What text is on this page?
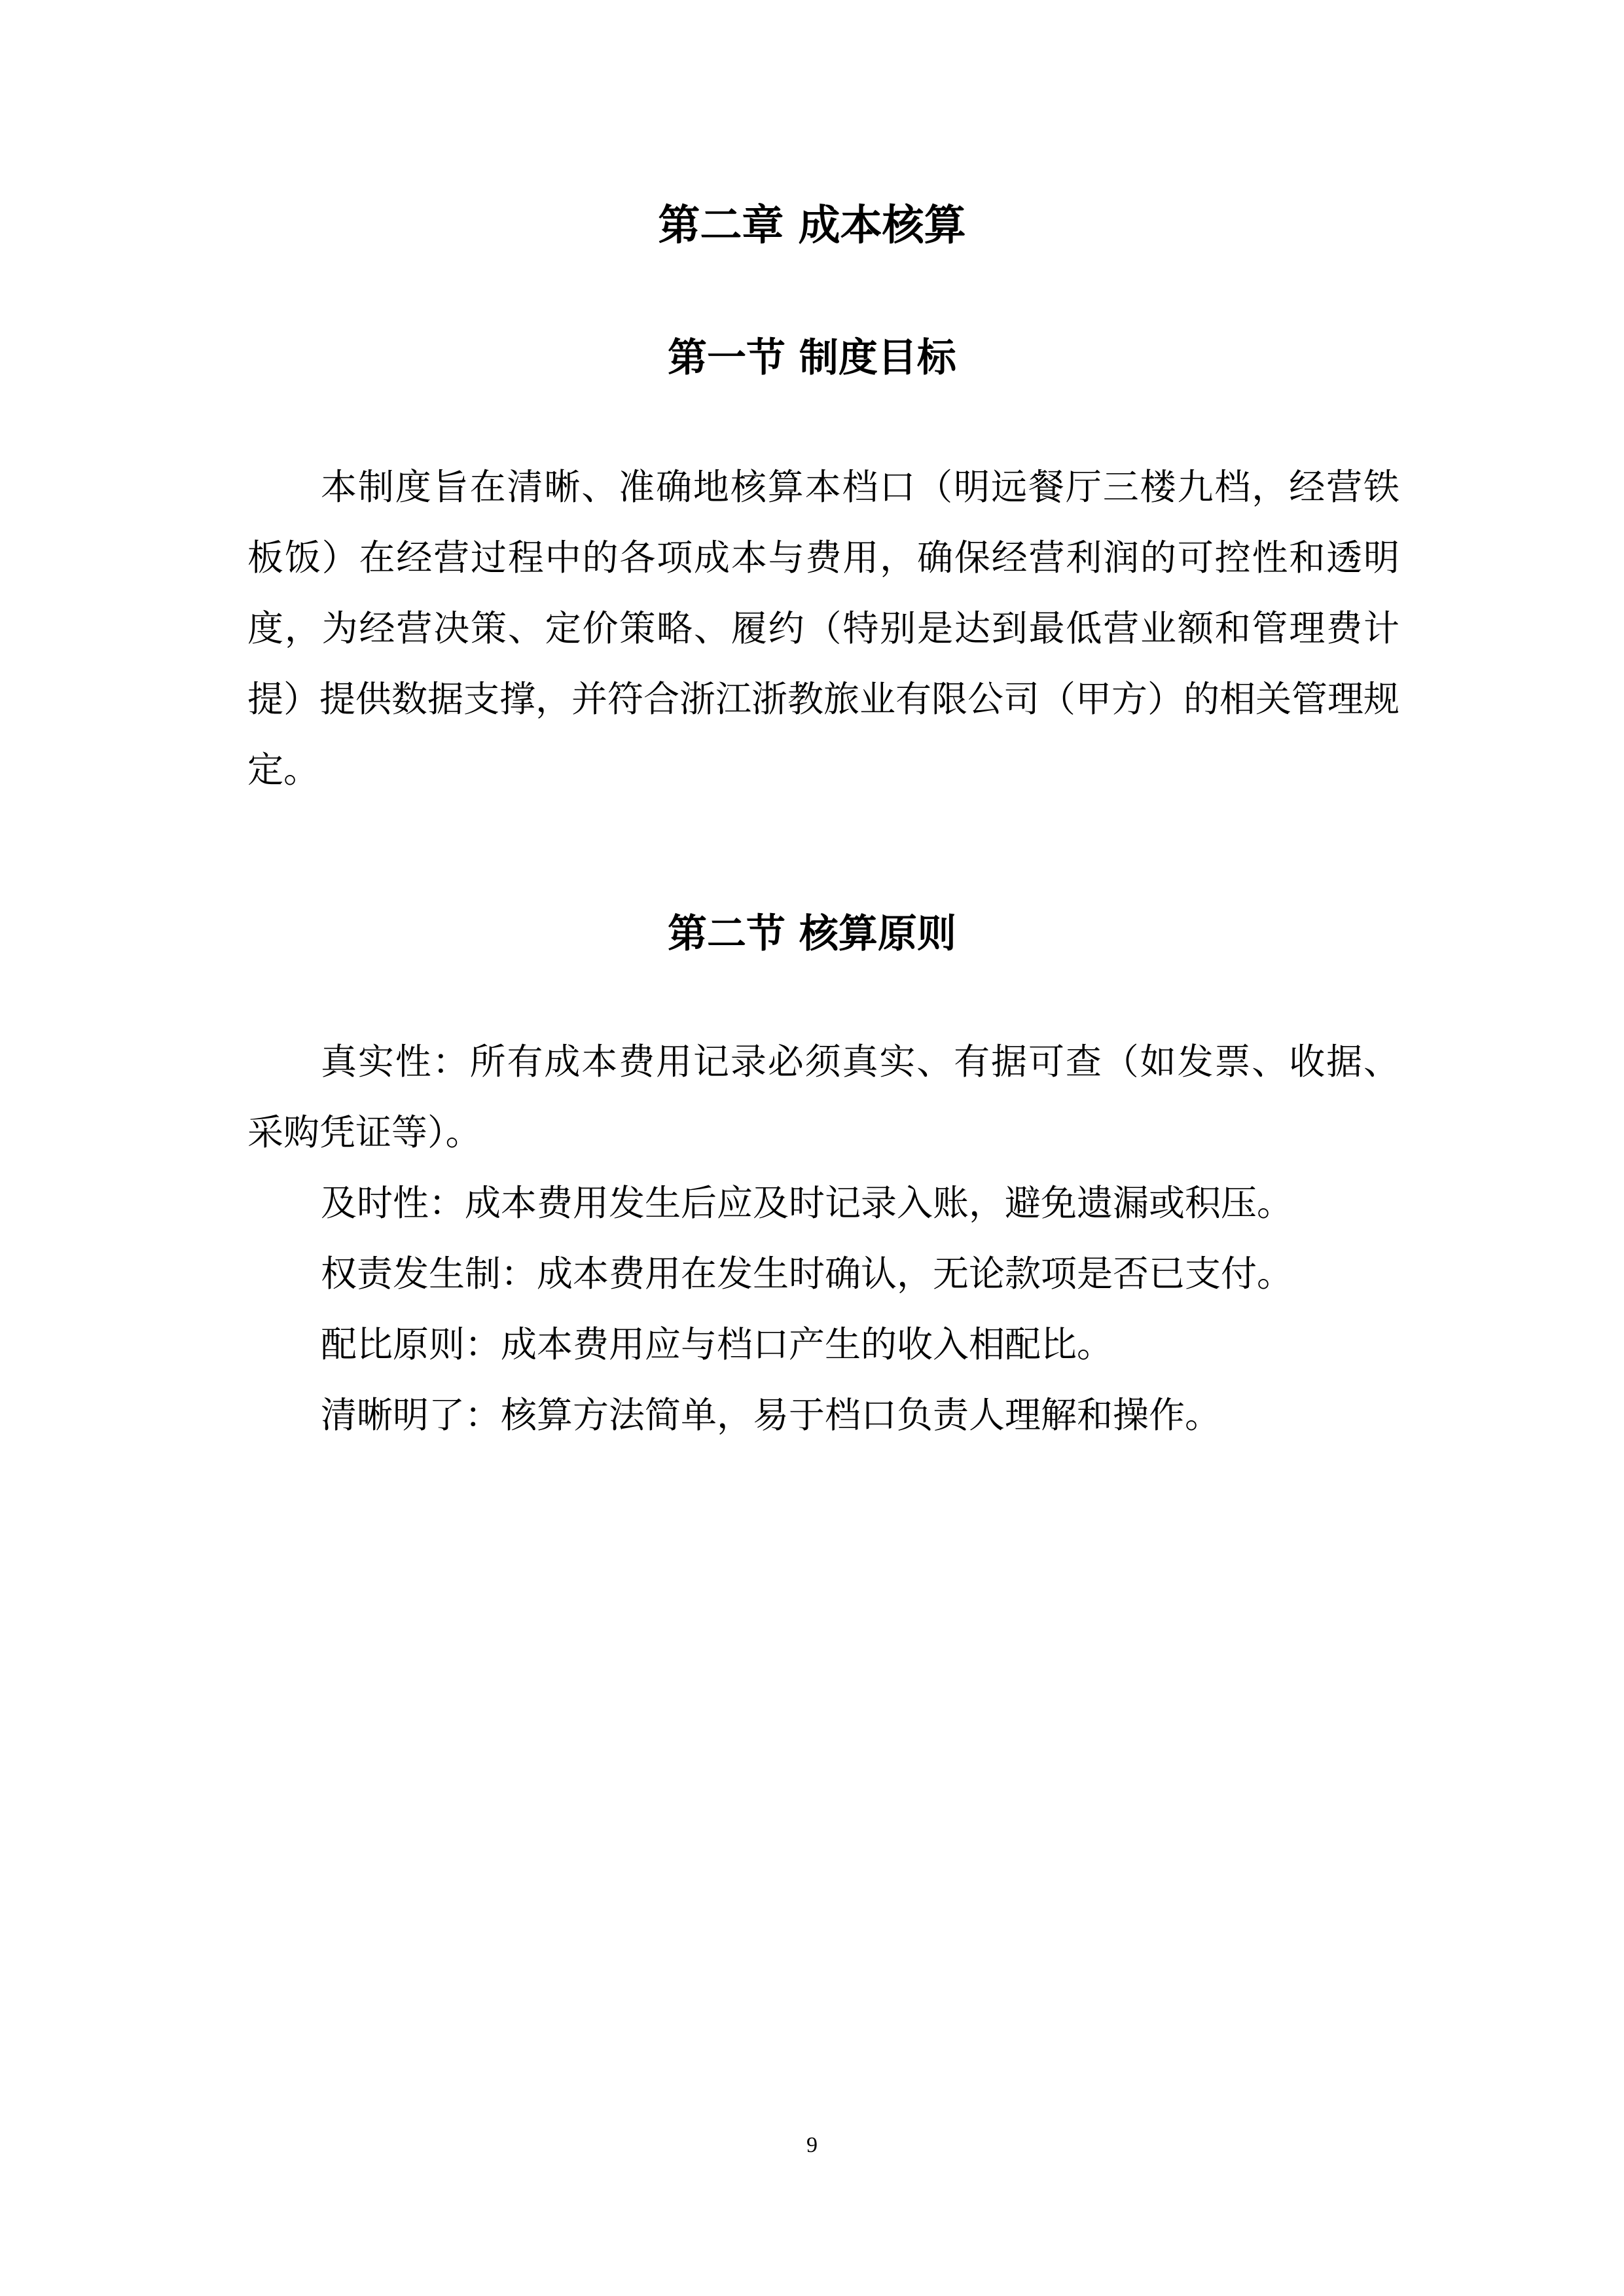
第二章 成本核算
第一节 制度目标

本制度旨在清晰、准确地核算本档口（明远餐厅三楼九档，经营铁板饭）在经营过程中的各项成本与费用，确保经营利润的可控性和透明度，为经营决策、定价策略、履约（特别是达到最低营业额和管理费计提）提供数据支撑，并符合浙江浙教旅业有限公司（甲方）的相关管理规定。

第二节 核算原则
真实性：所有成本费用记录必须真实、有据可查（如发票、收据、采购凭证等）。
及时性：成本费用发生后应及时记录入账，避免遗漏或积压。
权责发生制：成本费用在发生时确认，无论款项是否已支付。
配比原则：成本费用应与档口产生的收入相配比。
清晰明了：核算方法简单，易于档口负责人理解和操作。
9
